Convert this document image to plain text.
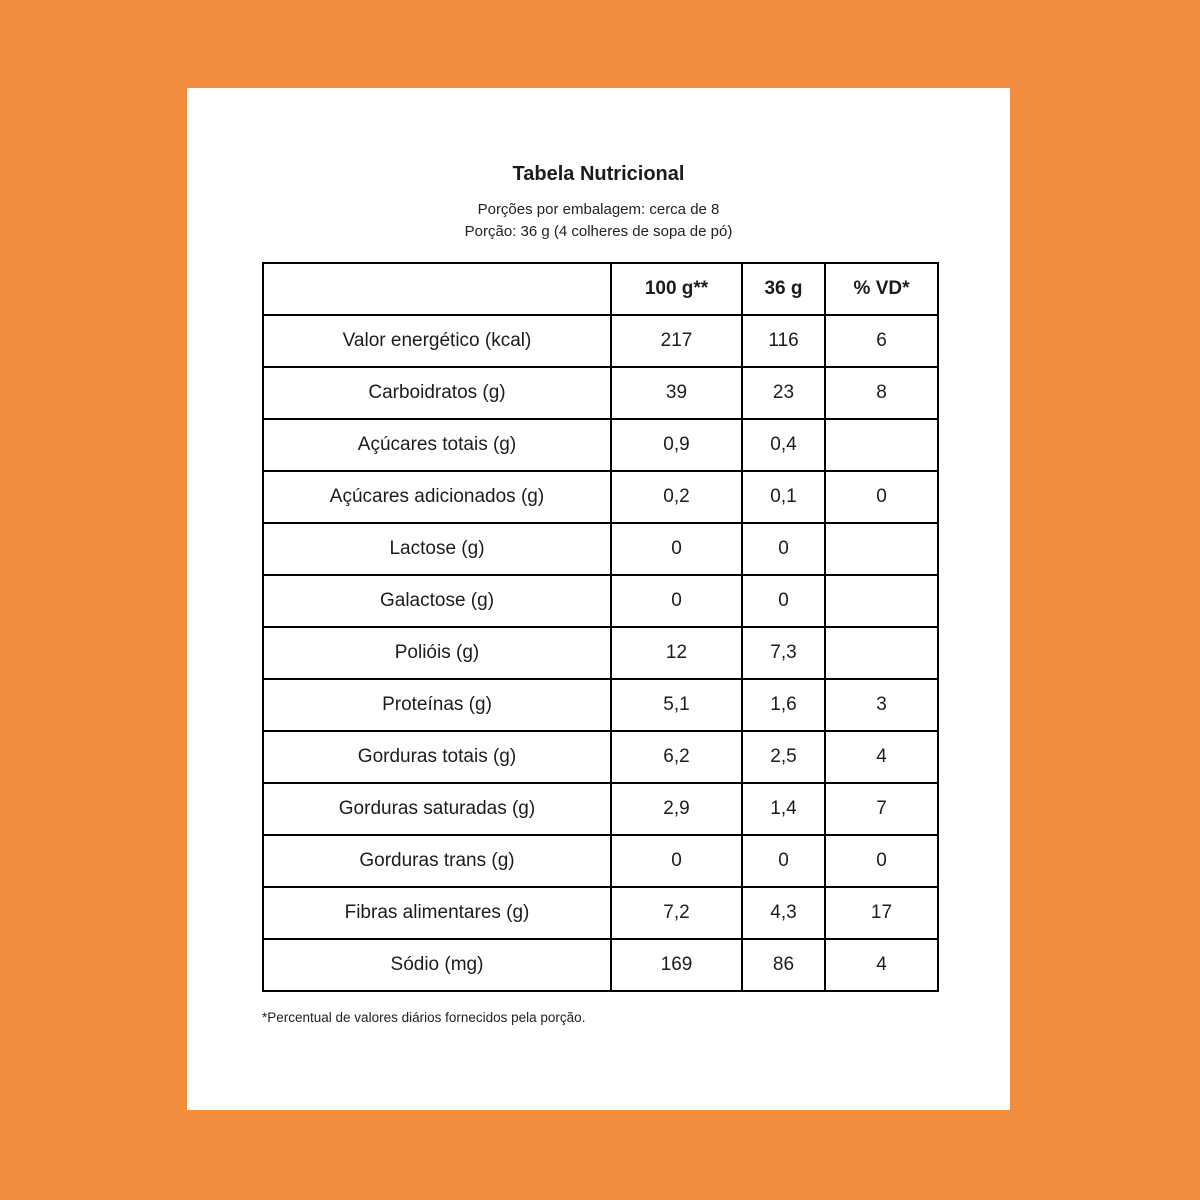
Tabela Nutricional

Porções por embalagem: cerca de 8

Porção: 36 g (4 colheres de sopa de pó)

	100 g**	36 g	% VD*
Valor energético (kcal)	217	116	6
Carboidratos (g)	39	23	8
Açúcares totais (g)	0,9	0,4	
Açúcares adicionados (g)	0,2	0,1	0
Lactose (g)	0	0	
Galactose (g)	0	0	
Polióis (g)	12	7,3	
Proteínas (g)	5,1	1,6	3
Gorduras totais (g)	6,2	2,5	4
Gorduras saturadas (g)	2,9	1,4	7
Gorduras trans (g)	0	0	0
Fibras alimentares (g)	7,2	4,3	17
Sódio (mg)	169	86	4

*Percentual de valores diários fornecidos pela porção.
